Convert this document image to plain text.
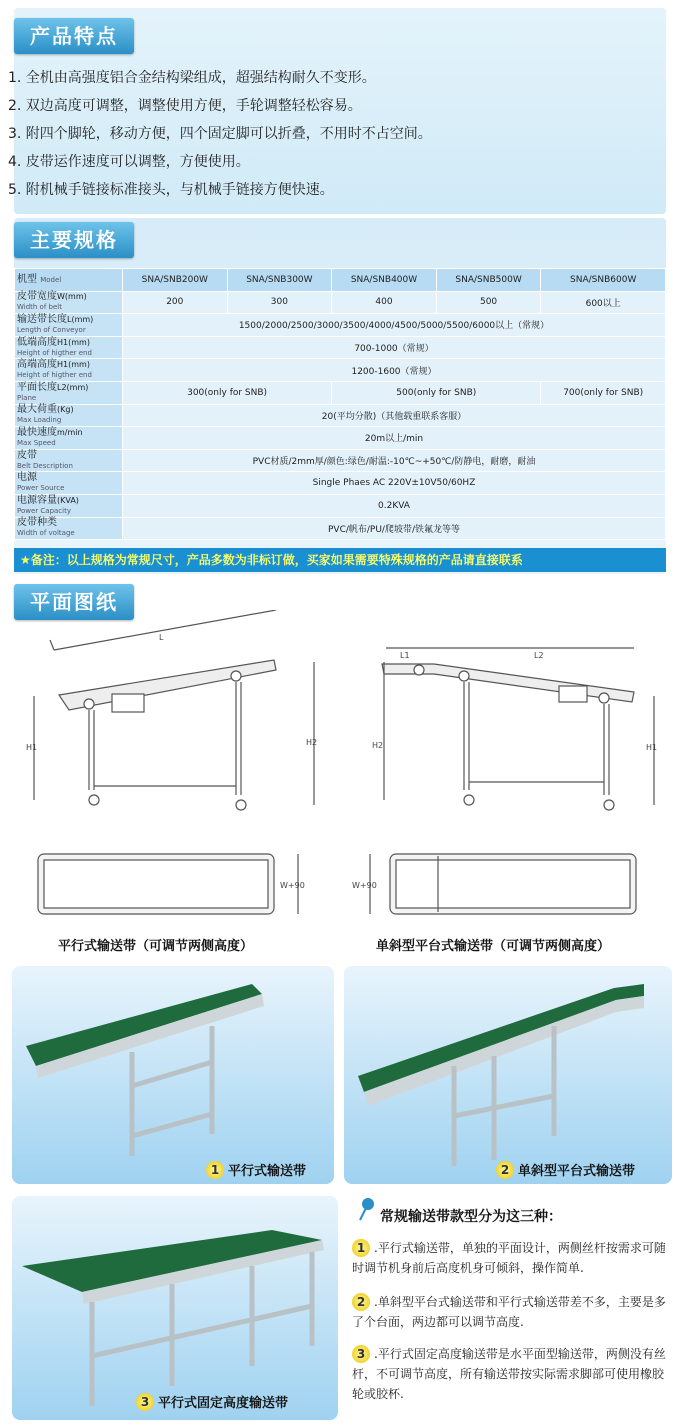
产品特点
1. 全机由高强度铝合金结构梁组成，超强结构耐久不变形。
2. 双边高度可调整，调整使用方便，手轮调整轻松容易。
3. 附四个脚轮，移动方便，四个固定脚可以折叠，不用时不占空间。
4. 皮带运作速度可以调整，方便使用。
5. 附机械手链接标准接头，与机械手链接方便快速。
主要规格
机型 Model	SNA/SNB200W	SNA/SNB300W	SNA/SNB400W	SNA/SNB500W	SNA/SNB600W

皮带宽度W(mm)
Width of belt	200	300	400	500	600以上

输送带长度L(mm)
Length of Conveyor	1500/2000/2500/3000/3500/4000/4500/5000/5500/6000以上（常规）				

低端高度H1(mm)
Height of higther end	700-1000（常规）				

高端高度H1(mm)
Height of higther end	1200-1600（常规）				

平面长度L2(mm)
Plane	300(only for SNB)		500(only for SNB)		700(only for SNB)

最大荷重(Kg)
Max Loading	20(平均分散)（其他载重联系客服）				

最快速度m/min
Max Speed	20m以上/min				

皮带
Belt Description	PVC材质/2mm厚/颜色:绿色/耐温:-10℃~+50℃/防静电，耐磨，耐油				

电源
Power Source	Single Phaes AC 220V±10V50/60HZ				

电源容量(KVA)
Power Capacity	0.2KVA				

皮带种类
Width of voltage	PVC/帆布/PU/爬坡带/铁氟龙等等				
★备注：以上规格为常规尺寸，产品多数为非标订做，买家如果需要特殊规格的产品请直接联系
平面图纸
L
H1
H2
L1	L2
H2	H1
W+90	W+90
平行式输送带（可调节两侧高度）	单斜型平台式输送带（可调节两侧高度）
1 平行式输送带	2 单斜型平台式输送带
3 平行式固定高度输送带
常规输送带款型分为这三种：
1 .平行式输送带，单独的平面设计，两侧丝杆按需求可随时调节机身前后高度机身可倾斜，操作简单.
2 .单斜型平台式输送带和平行式输送带差不多，主要是多了个台面，两边都可以调节高度.
3 .平行式固定高度输送带是水平面型输送带，两侧没有丝杆，不可调节高度，所有输送带按实际需求脚部可使用橡胶轮或胶杯.
